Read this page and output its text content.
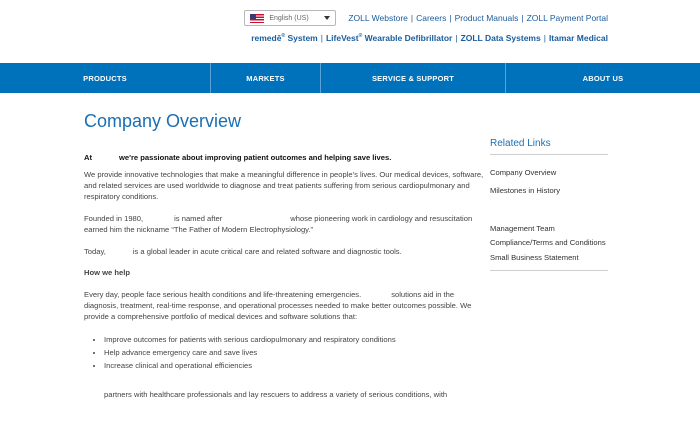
English (US)	ZOLL Webstore | Careers | Product Manuals | ZOLL Payment Portal
remedē® System | LifeVest® Wearable Defibrillator | ZOLL Data Systems | Itamar Medical
PRODUCTS	MARKETS	SERVICE & SUPPORT	ABOUT US
Company Overview

At	we're passionate about improving patient outcomes and helping save lives.

We provide innovative technologies that make a meaningful difference in people's lives. Our medical devices, software, and related services are used worldwide to diagnose and treat patients suffering from serious cardiopulmonary and respiratory conditions.

Founded in 1980,	is named after	whose pioneering work in cardiology and resuscitation earned him the nickname “The Father of Modern Electrophysiology.”

Today,	is a global leader in acute critical care and related software and diagnostic tools.

How we help

Every day, people face serious health conditions and life-threatening emergencies.	solutions aid in the diagnosis, treatment, real-time response, and operational processes needed to make better outcomes possible. We provide a comprehensive portfolio of medical devices and software solutions that:

• Improve outcomes for patients with serious cardiopulmonary and respiratory conditions
• Help advance emergency care and save lives
• Increase clinical and operational efficiencies

partners with healthcare professionals and lay rescuers to address a variety of serious conditions, with

Related Links
Company Overview
Milestones in History
Management Team
Compliance/Terms and Conditions
Small Business Statement
